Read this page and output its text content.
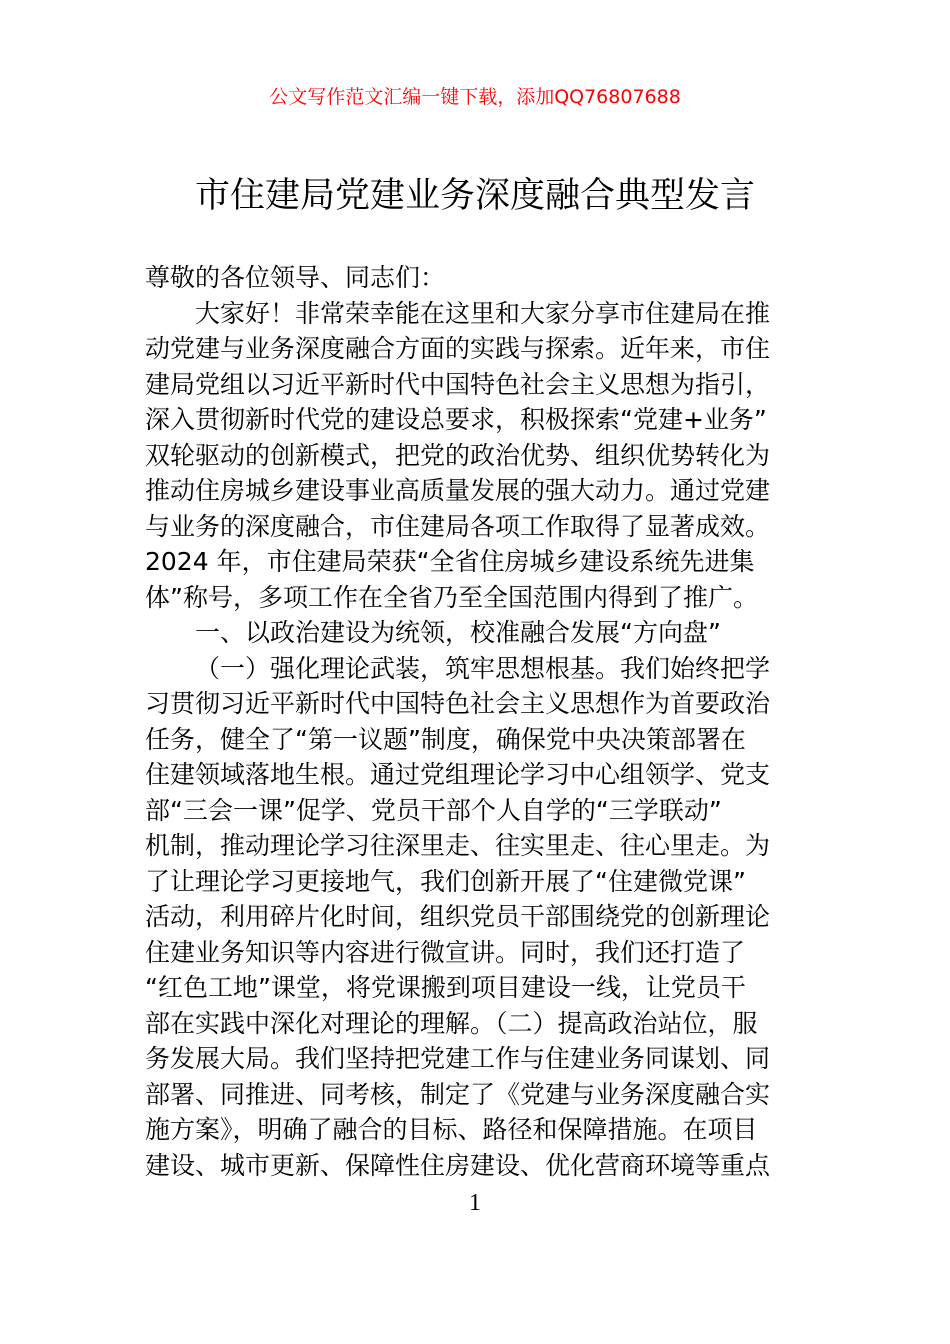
公文写作范文汇编一键下载，添加QQ76807688
市住建局党建业务深度融合典型发言
尊敬的各位领导、同志们：
大家好！非常荣幸能在这里和大家分享市住建局在推
动党建与业务深度融合方面的实践与探索。近年来，市住
建局党组以习近平新时代中国特色社会主义思想为指引，
深入贯彻新时代党的建设总要求，积极探索“党建+业务”
双轮驱动的创新模式，把党的政治优势、组织优势转化为
推动住房城乡建设事业高质量发展的强大动力。通过党建
与业务的深度融合，市住建局各项工作取得了显著成效。
2024 年，市住建局荣获“全省住房城乡建设系统先进集
体”称号，多项工作在全省乃至全国范围内得到了推广。
一、以政治建设为统领，校准融合发展“方向盘”
（一）强化理论武装，筑牢思想根基。我们始终把学
习贯彻习近平新时代中国特色社会主义思想作为首要政治
任务，健全了“第一议题”制度，确保党中央决策部署在
住建领域落地生根。通过党组理论学习中心组领学、党支
部“三会一课”促学、党员干部个人自学的“三学联动”
机制，推动理论学习往深里走、往实里走、往心里走。为
了让理论学习更接地气，我们创新开展了“住建微党课”
活动，利用碎片化时间，组织党员干部围绕党的创新理论
住建业务知识等内容进行微宣讲。同时，我们还打造了
“红色工地”课堂，将党课搬到项目建设一线，让党员干
部在实践中深化对理论的理解。（二）提高政治站位，服
务发展大局。我们坚持把党建工作与住建业务同谋划、同
部署、同推进、同考核，制定了《党建与业务深度融合实
施方案》，明确了融合的目标、路径和保障措施。在项目
建设、城市更新、保障性住房建设、优化营商环境等重点
1
